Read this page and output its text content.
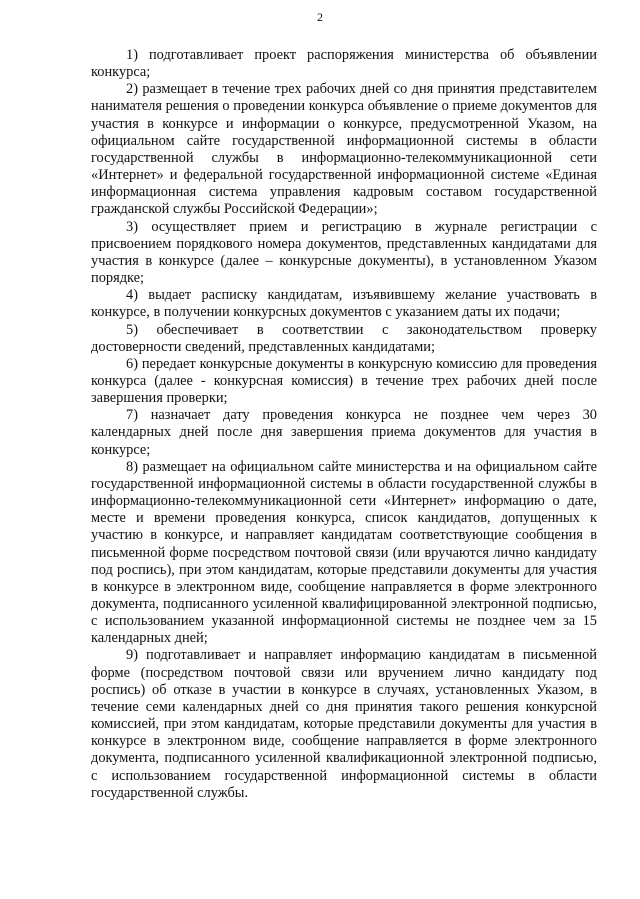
2

1) подготавливает проект распоряжения министерства об объявлении конкурса;

2) размещает в течение трех рабочих дней со дня принятия представителем нанимателя решения о проведении конкурса объявление о приеме документов для участия в конкурсе и информации о конкурсе, предусмотренной Указом, на официальном сайте государственной информационной системы в области государственной службы в информационно-телекоммуникационной сети «Интернет» и федеральной государственной информационной системе «Единая информационная система управления кадровым составом государственной гражданской службы Российской Федерации»;

3) осуществляет прием и регистрацию в журнале регистрации с присвоением порядкового номера документов, представленных кандидатами для участия в конкурсе (далее – конкурсные документы), в установленном Указом порядке;

4) выдает расписку кандидатам, изъявившему желание участвовать в конкурсе, в получении конкурсных документов с указанием даты их подачи;

5) обеспечивает в соответствии с законодательством проверку достоверности сведений, представленных кандидатами;

6) передает конкурсные документы в конкурсную комиссию для проведения конкурса (далее - конкурсная комиссия) в течение трех рабочих дней после завершения проверки;

7) назначает дату проведения конкурса не позднее чем через 30 календарных дней после дня завершения приема документов для участия в конкурсе;

8) размещает на официальном сайте министерства и на официальном сайте государственной информационной системы в области государственной службы в информационно-телекоммуникационной сети «Интернет» информацию о дате, месте и времени проведения конкурса, список кандидатов, допущенных к участию в конкурсе, и направляет кандидатам соответствующие сообщения в письменной форме посредством почтовой связи (или вручаются лично кандидату под роспись), при этом кандидатам, которые представили документы для участия в конкурсе в электронном виде, сообщение направляется в форме электронного документа, подписанного усиленной квалифицированной электронной подписью, с использованием указанной информационной системы не позднее чем за 15 календарных дней;

9) подготавливает и направляет информацию кандидатам в письменной форме (посредством почтовой связи или вручением лично кандидату под роспись) об отказе в участии в конкурсе в случаях, установленных Указом, в течение семи календарных дней со дня принятия такого решения конкурсной комиссией, при этом кандидатам, которые представили документы для участия в конкурсе в электронном виде, сообщение направляется в форме электронного документа, подписанного усиленной квалификационной электронной подписью, с использованием государственной информационной системы в области государственной службы.
